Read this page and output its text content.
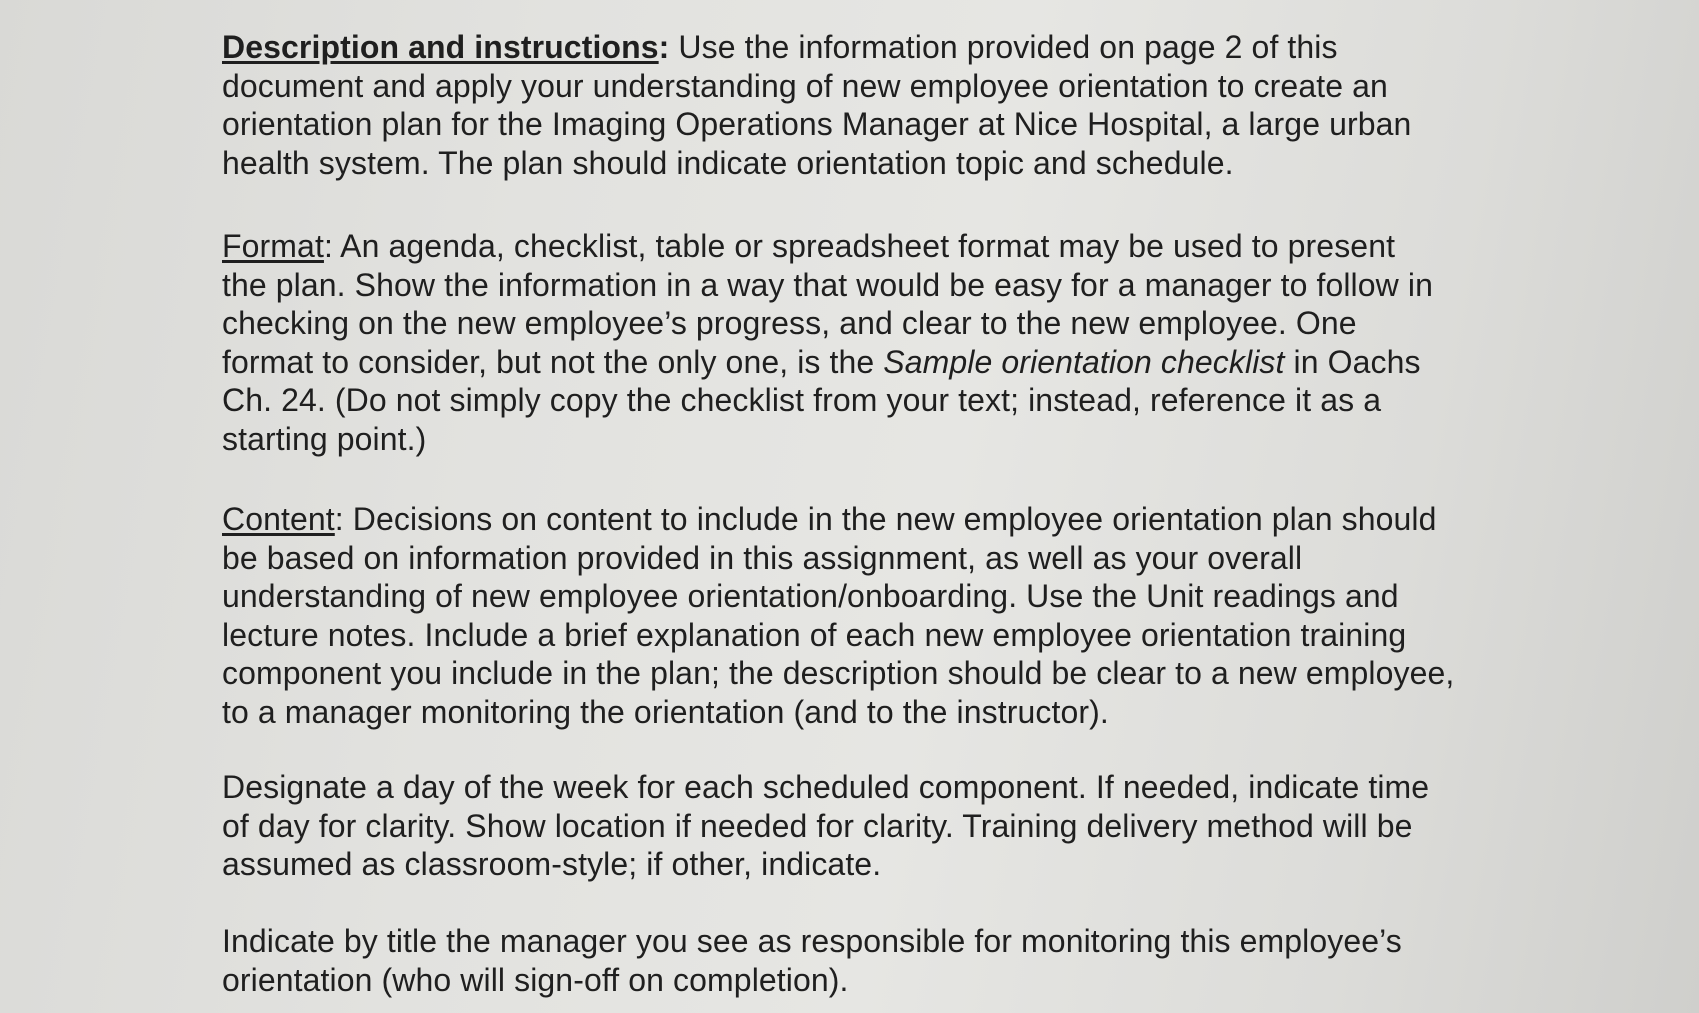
Description and instructions: Use the information provided on page 2 of this
document and apply your understanding of new employee orientation to create an
orientation plan for the Imaging Operations Manager at Nice Hospital, a large urban
health system. The plan should indicate orientation topic and schedule.
Format: An agenda, checklist, table or spreadsheet format may be used to present
the plan. Show the information in a way that would be easy for a manager to follow in
checking on the new employee’s progress, and clear to the new employee. One
format to consider, but not the only one, is the Sample orientation checklist in Oachs
Ch. 24. (Do not simply copy the checklist from your text; instead, reference it as a
starting point.)
Content: Decisions on content to include in the new employee orientation plan should
be based on information provided in this assignment, as well as your overall
understanding of new employee orientation/onboarding. Use the Unit readings and
lecture notes. Include a brief explanation of each new employee orientation training
component you include in the plan; the description should be clear to a new employee,
to a manager monitoring the orientation (and to the instructor).
Designate a day of the week for each scheduled component. If needed, indicate time
of day for clarity. Show location if needed for clarity. Training delivery method will be
assumed as classroom-style; if other, indicate.
Indicate by title the manager you see as responsible for monitoring this employee’s
orientation (who will sign-off on completion).
